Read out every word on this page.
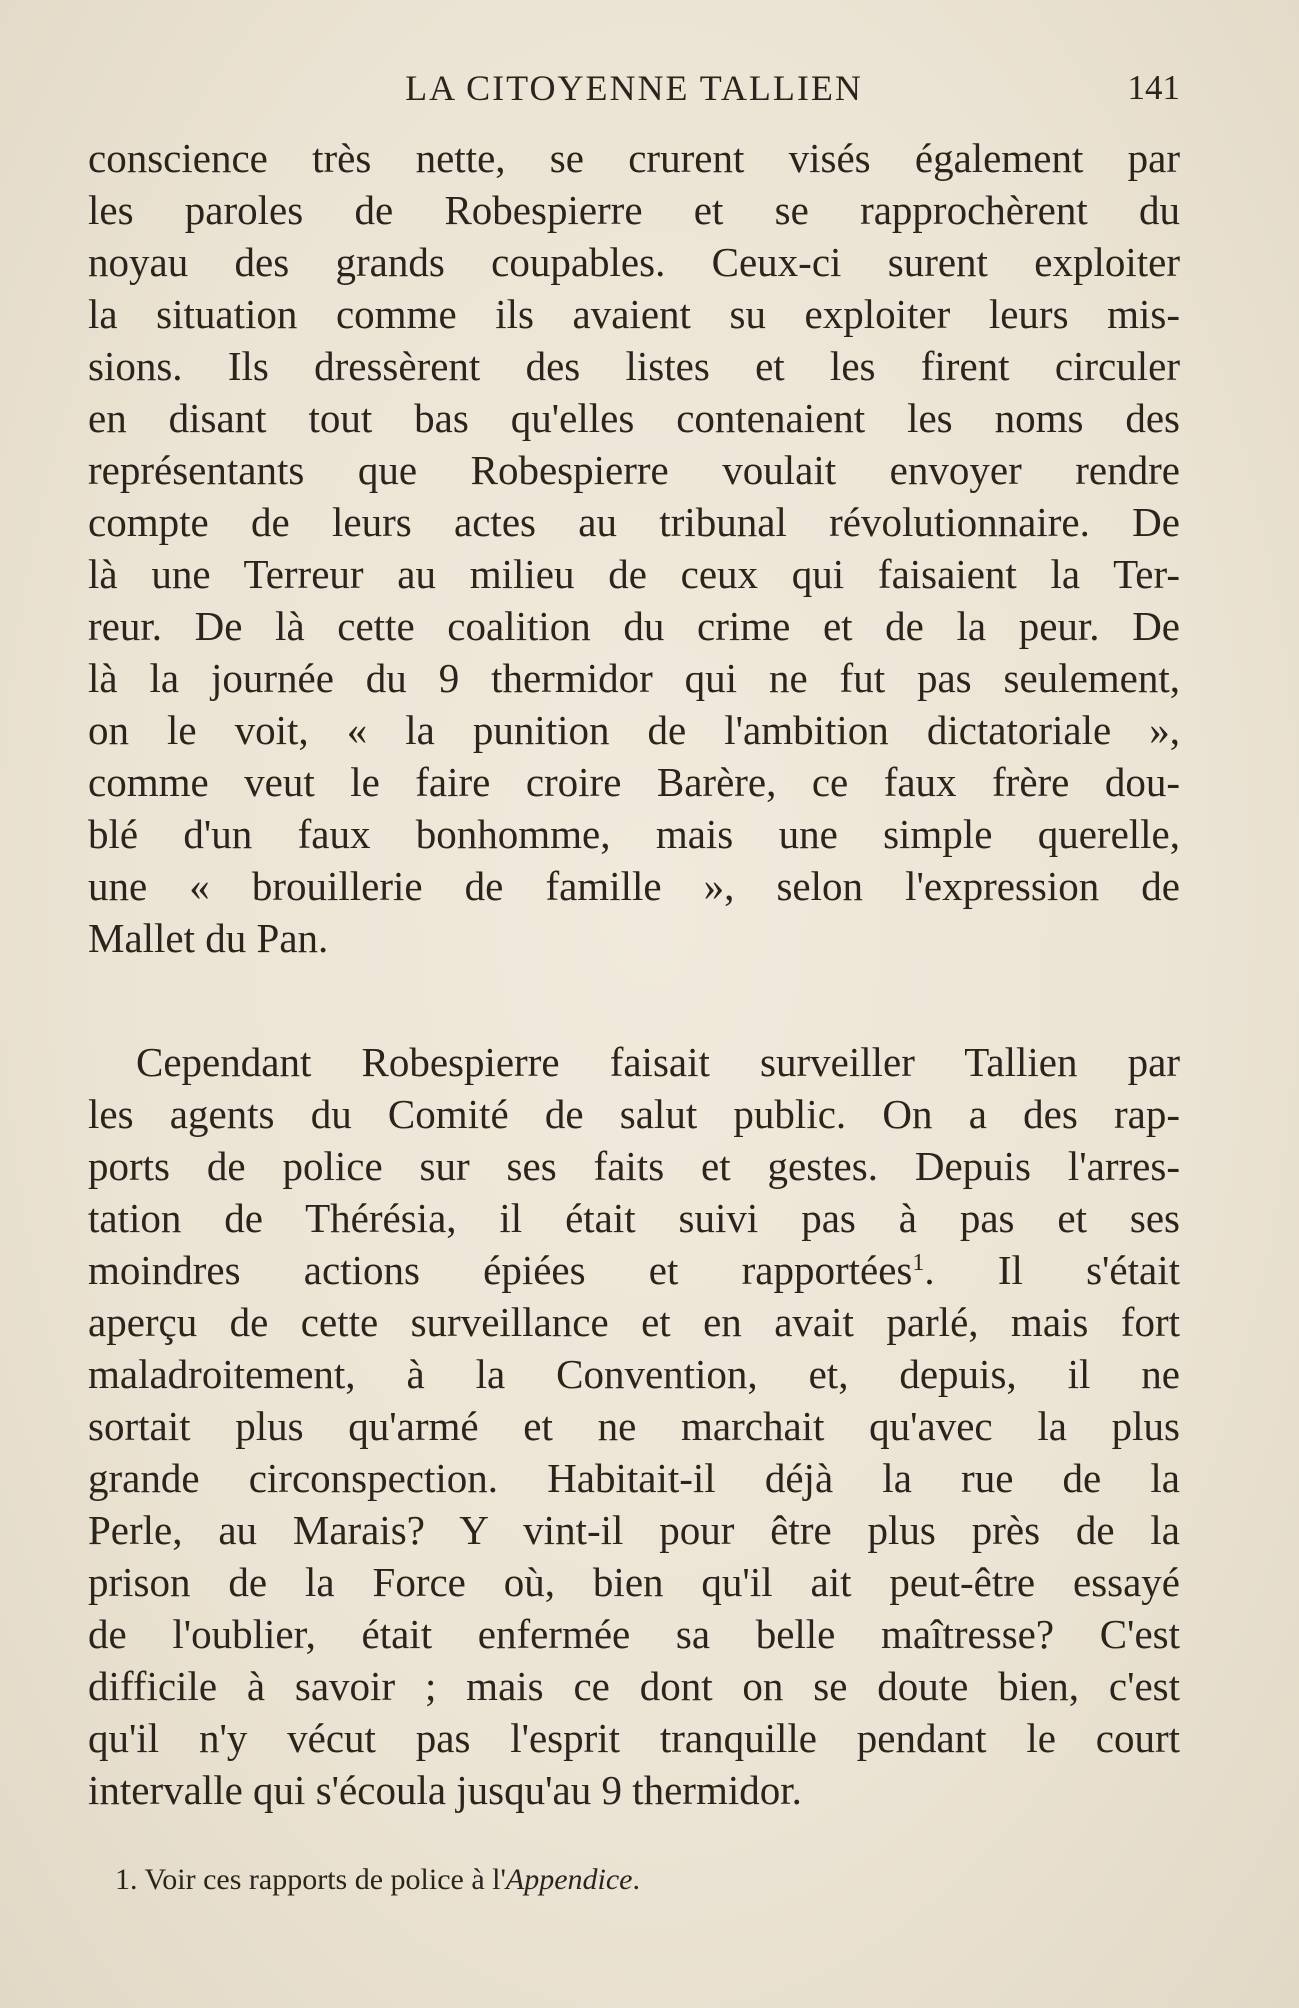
LA CITOYENNE TALLIEN	141
conscience très nette, se crurent visés également par
les paroles de Robespierre et se rapprochèrent du
noyau des grands coupables. Ceux-ci surent exploiter
la situation comme ils avaient su exploiter leurs mis-
sions. Ils dressèrent des listes et les firent circuler
en disant tout bas qu'elles contenaient les noms des
représentants que Robespierre voulait envoyer rendre
compte de leurs actes au tribunal révolutionnaire. De
là une Terreur au milieu de ceux qui faisaient la Ter-
reur. De là cette coalition du crime et de la peur. De
là la journée du 9 thermidor qui ne fut pas seulement,
on le voit, « la punition de l'ambition dictatoriale »,
comme veut le faire croire Barère, ce faux frère dou-
blé d'un faux bonhomme, mais une simple querelle,
une « brouillerie de famille », selon l'expression de
Mallet du Pan.
Cependant Robespierre faisait surveiller Tallien par
les agents du Comité de salut public. On a des rap-
ports de police sur ses faits et gestes. Depuis l'arres-
tation de Thérésia, il était suivi pas à pas et ses
moindres actions épiées et rapportées$^1$. Il s'était
aperçu de cette surveillance et en avait parlé, mais fort
maladroitement, à la Convention, et, depuis, il ne
sortait plus qu'armé et ne marchait qu'avec la plus
grande circonspection. Habitait-il déjà la rue de la
Perle, au Marais? Y vint-il pour être plus près de la
prison de la Force où, bien qu'il ait peut-être essayé
de l'oublier, était enfermée sa belle maîtresse? C'est
difficile à savoir ; mais ce dont on se doute bien, c'est
qu'il n'y vécut pas l'esprit tranquille pendant le court
intervalle qui s'écoula jusqu'au 9 thermidor.
1. Voir ces rapports de police à l'Appendice.
